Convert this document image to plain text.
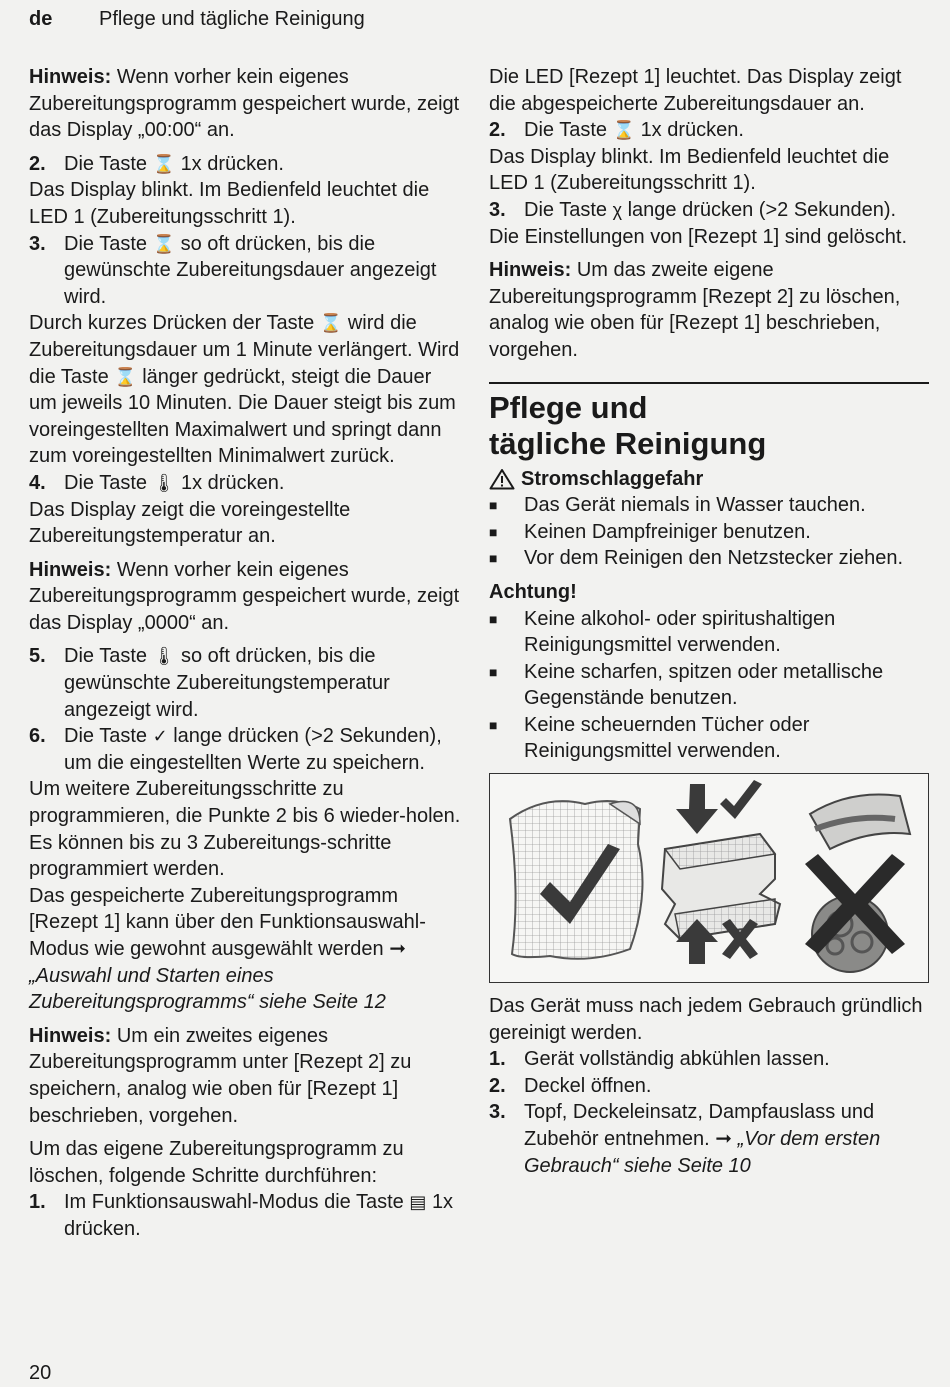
de	Pflege und tägliche Reinigung

Hinweis: Wenn vorher kein eigenes Zubereitungsprogramm gespeichert wurde, zeigt das Display „00:00“ an.

2. Die Taste ⌛ 1x drücken.

Das Display blinkt. Im Bedienfeld leuchtet die LED 1 (Zubereitungsschritt 1).

3. Die Taste ⌛ so oft drücken, bis die gewünschte Zubereitungsdauer angezeigt wird.

Durch kurzes Drücken der Taste ⌛ wird die Zubereitungsdauer um 1 Minute verlängert. Wird die Taste ⌛ länger gedrückt, steigt die Dauer um jeweils 10 Minuten. Die Dauer steigt bis zum voreingestellten Maximalwert und springt dann zum voreingestellten Minimalwert zurück.

4. Die Taste 🌡 1x drücken.

Das Display zeigt die voreingestellte Zubereitungstemperatur an.

Hinweis: Wenn vorher kein eigenes Zubereitungsprogramm gespeichert wurde, zeigt das Display „0000“ an.

5. Die Taste 🌡 so oft drücken, bis die gewünschte Zubereitungstemperatur angezeigt wird.
6. Die Taste ✓ lange drücken (>2 Sekunden), um die eingestellten Werte zu speichern.

Um weitere Zubereitungsschritte zu programmieren, die Punkte 2 bis 6 wieder-holen. Es können bis zu 3 Zubereitungs-schritte programmiert werden.

Das gespeicherte Zubereitungsprogramm [Rezept 1] kann über den Funktionsauswahl-Modus wie gewohnt ausgewählt werden ➞ „Auswahl und Starten eines Zubereitungsprogramms“ siehe Seite 12

Hinweis: Um ein zweites eigenes Zubereitungsprogramm unter [Rezept 2] zu speichern, analog wie oben für [Rezept 1] beschrieben, vorgehen.

Um das eigene Zubereitungsprogramm zu löschen, folgende Schritte durchführen:

1. Im Funktionsauswahl-Modus die Taste ▤ 1x drücken.

Die LED [Rezept 1] leuchtet. Das Display zeigt die abgespeicherte Zubereitungsdauer an.

2. Die Taste ⌛ 1x drücken.

Das Display blinkt. Im Bedienfeld leuchtet die LED 1 (Zubereitungsschritt 1).

3. Die Taste χ lange drücken (>2 Sekunden).

Die Einstellungen von [Rezept 1] sind gelöscht.

Hinweis: Um das zweite eigene Zubereitungsprogramm [Rezept 2] zu löschen, analog wie oben für [Rezept 1] beschrieben, vorgehen.

Pflege und
tägliche Reinigung
Stromschlaggefahr
■	Das Gerät niemals in Wasser tauchen.
■	Keinen Dampfreiniger benutzen.
■	Vor dem Reinigen den Netzstecker ziehen.

Achtung!

■	Keine alkohol- oder spiritushaltigen Reinigungsmittel verwenden.
■	Keine scharfen, spitzen oder metallische Gegenstände benutzen.
■	Keine scheuernden Tücher oder Reinigungsmittel verwenden.

Das Gerät muss nach jedem Gebrauch gründlich gereinigt werden.

1. Gerät vollständig abkühlen lassen.
2. Deckel öffnen.
3. Topf, Deckeleinsatz, Dampfauslass und Zubehör entnehmen. ➞ „Vor dem ersten Gebrauch“ siehe Seite 10
20
